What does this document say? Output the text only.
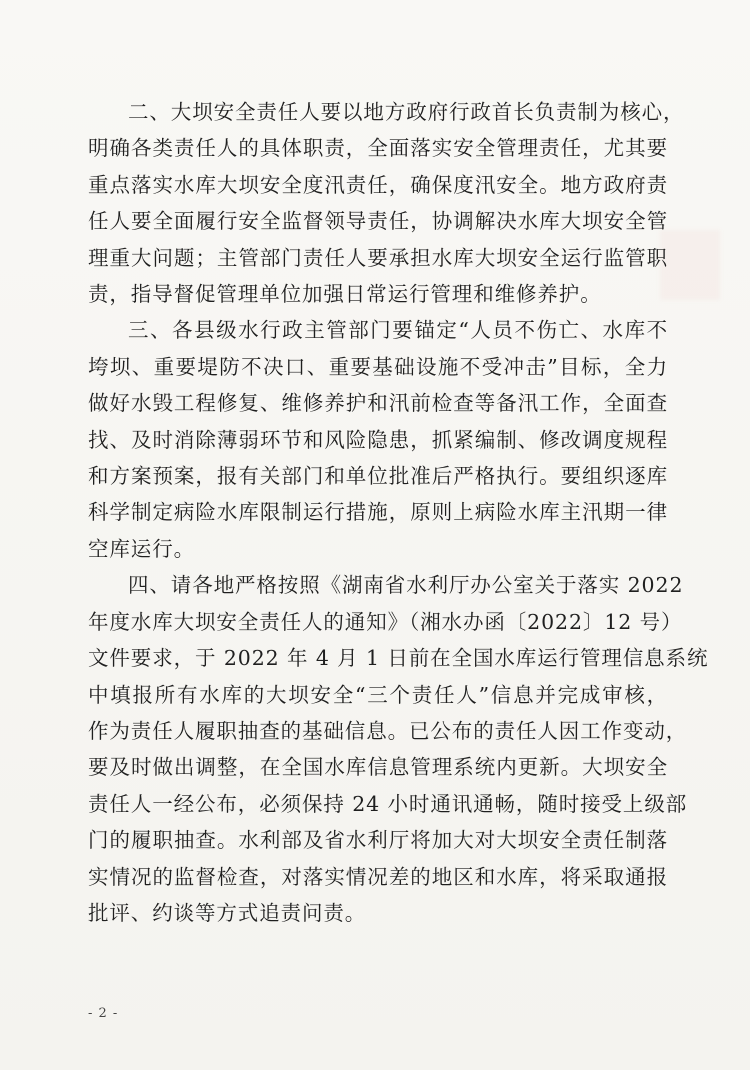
二、大坝安全责任人要以地方政府行政首长负责制为核心，

明确各类责任人的具体职责，全面落实安全管理责任，尤其要

重点落实水库大坝安全度汛责任，确保度汛安全。地方政府责

任人要全面履行安全监督领导责任，协调解决水库大坝安全管

理重大问题；主管部门责任人要承担水库大坝安全运行监管职

责，指导督促管理单位加强日常运行管理和维修养护。

三、各县级水行政主管部门要锚定“人员不伤亡、水库不

垮坝、重要堤防不决口、重要基础设施不受冲击”目标，全力

做好水毁工程修复、维修养护和汛前检查等备汛工作，全面查

找、及时消除薄弱环节和风险隐患，抓紧编制、修改调度规程

和方案预案，报有关部门和单位批准后严格执行。要组织逐库

科学制定病险水库限制运行措施，原则上病险水库主汛期一律

空库运行。

四、请各地严格按照《湖南省水利厅办公室关于落实 2022

年度水库大坝安全责任人的通知》（湘水办函〔2022〕12 号）

文件要求，于 2022 年 4 月 1 日前在全国水库运行管理信息系统

中填报所有水库的大坝安全“三个责任人”信息并完成审核，

作为责任人履职抽查的基础信息。已公布的责任人因工作变动，

要及时做出调整，在全国水库信息管理系统内更新。大坝安全

责任人一经公布，必须保持 24 小时通讯通畅，随时接受上级部

门的履职抽查。水利部及省水利厅将加大对大坝安全责任制落

实情况的监督检查，对落实情况差的地区和水库，将采取通报

批评、约谈等方式追责问责。

- 2 -
